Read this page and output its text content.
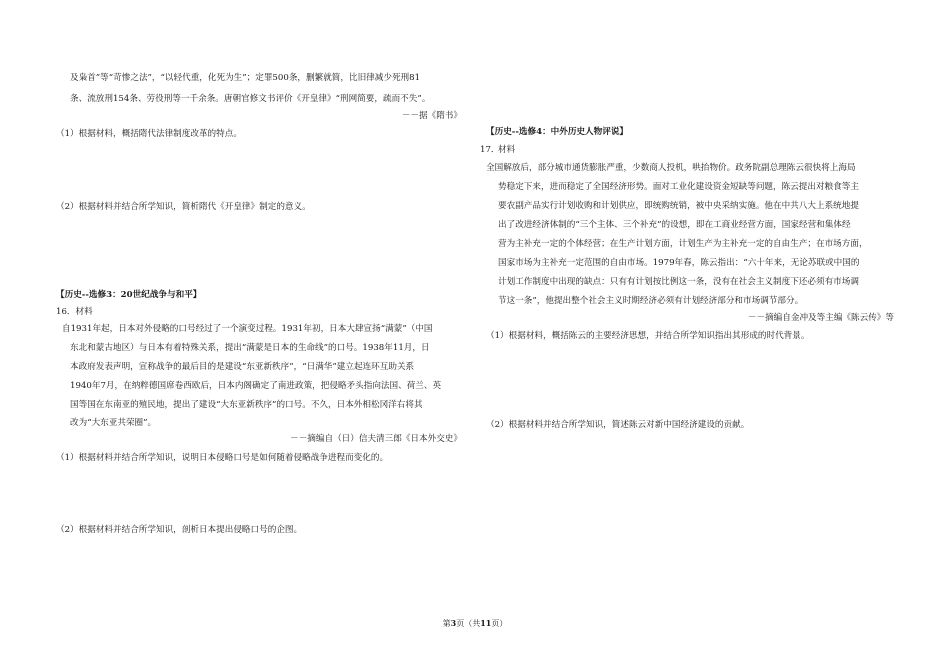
及枭首”等“苛惨之法”，“以轻代重，化死为生”；定罪500条，删繁就简，比旧律减少死刑81
条、流放刑154条、劳役刑等一千余条。唐朝官修文书评价《开皇律》“刑网简要，疏而不失”。
－－据《隋书》
（1）根据材料，概括隋代法律制度改革的特点。
（2）根据材料并结合所学知识，简析隋代《开皇律》制定的意义。
【历史--选修3：20世纪战争与和平】
16．材料
自1931年起，日本对外侵略的口号经过了一个演变过程。1931年初，日本大肆宣扬“满蒙”（中国
东北和蒙古地区）与日本有着特殊关系，提出“满蒙是日本的生命线”的口号。1938年11月，日
本政府发表声明，宣称战争的最后目的是建设“东亚新秩序”，“日满华”建立起连环互助关系
1940年7月，在纳粹德国席卷西欧后，日本内阁确定了南进政策，把侵略矛头指向法国、荷兰、英
国等国在东南亚的殖民地，提出了建设“大东亚新秩序”的口号。不久，日本外相松冈洋右将其
改为“大东亚共荣圈”。
－－摘编自（日）信夫清三郎《日本外交史》
（1）根据材料并结合所学知识，说明日本侵略口号是如何随着侵略战争进程而变化的。
（2）根据材料并结合所学知识，剖析日本提出侵略口号的企图。
【历史--选修4：中外历史人物评说】
17．
材料
全国解放后，部分城市通货膨胀严重，少数商人投机，哄抬物价。政务院副总理陈云很快将上海局
势稳定下来，进而稳定了全国经济形势。面对工业化建设资金短缺等问题，陈云提出对粮食等主
要农副产品实行计划收购和计划供应，即统购统销，被中央采纳实施。他在中共八大上系统地提
出了改进经济体制的“三个主体、三个补充”的设想，即在工商业经营方面，国家经营和集体经
营为主补充一定的个体经营；在生产计划方面，计划生产为主补充一定的自由生产；在市场方面，
国家市场为主补充一定范围的自由市场。1979年春，陈云指出：“六十年来，无论苏联或中国的
计划工作制度中出现的缺点：只有有计划按比例这一条，没有在社会主义制度下还必须有市场调
节这一条”，他提出整个社会主义时期经济必须有计划经济部分和市场调节部分。
－－摘编自金冲及等主编《陈云传》等
（1）根据材料，概括陈云的主要经济思想，并结合所学知识指出其形成的时代背景。
（2）根据材料并结合所学知识，简述陈云对新中国经济建设的贡献。
第3页（共11页）
